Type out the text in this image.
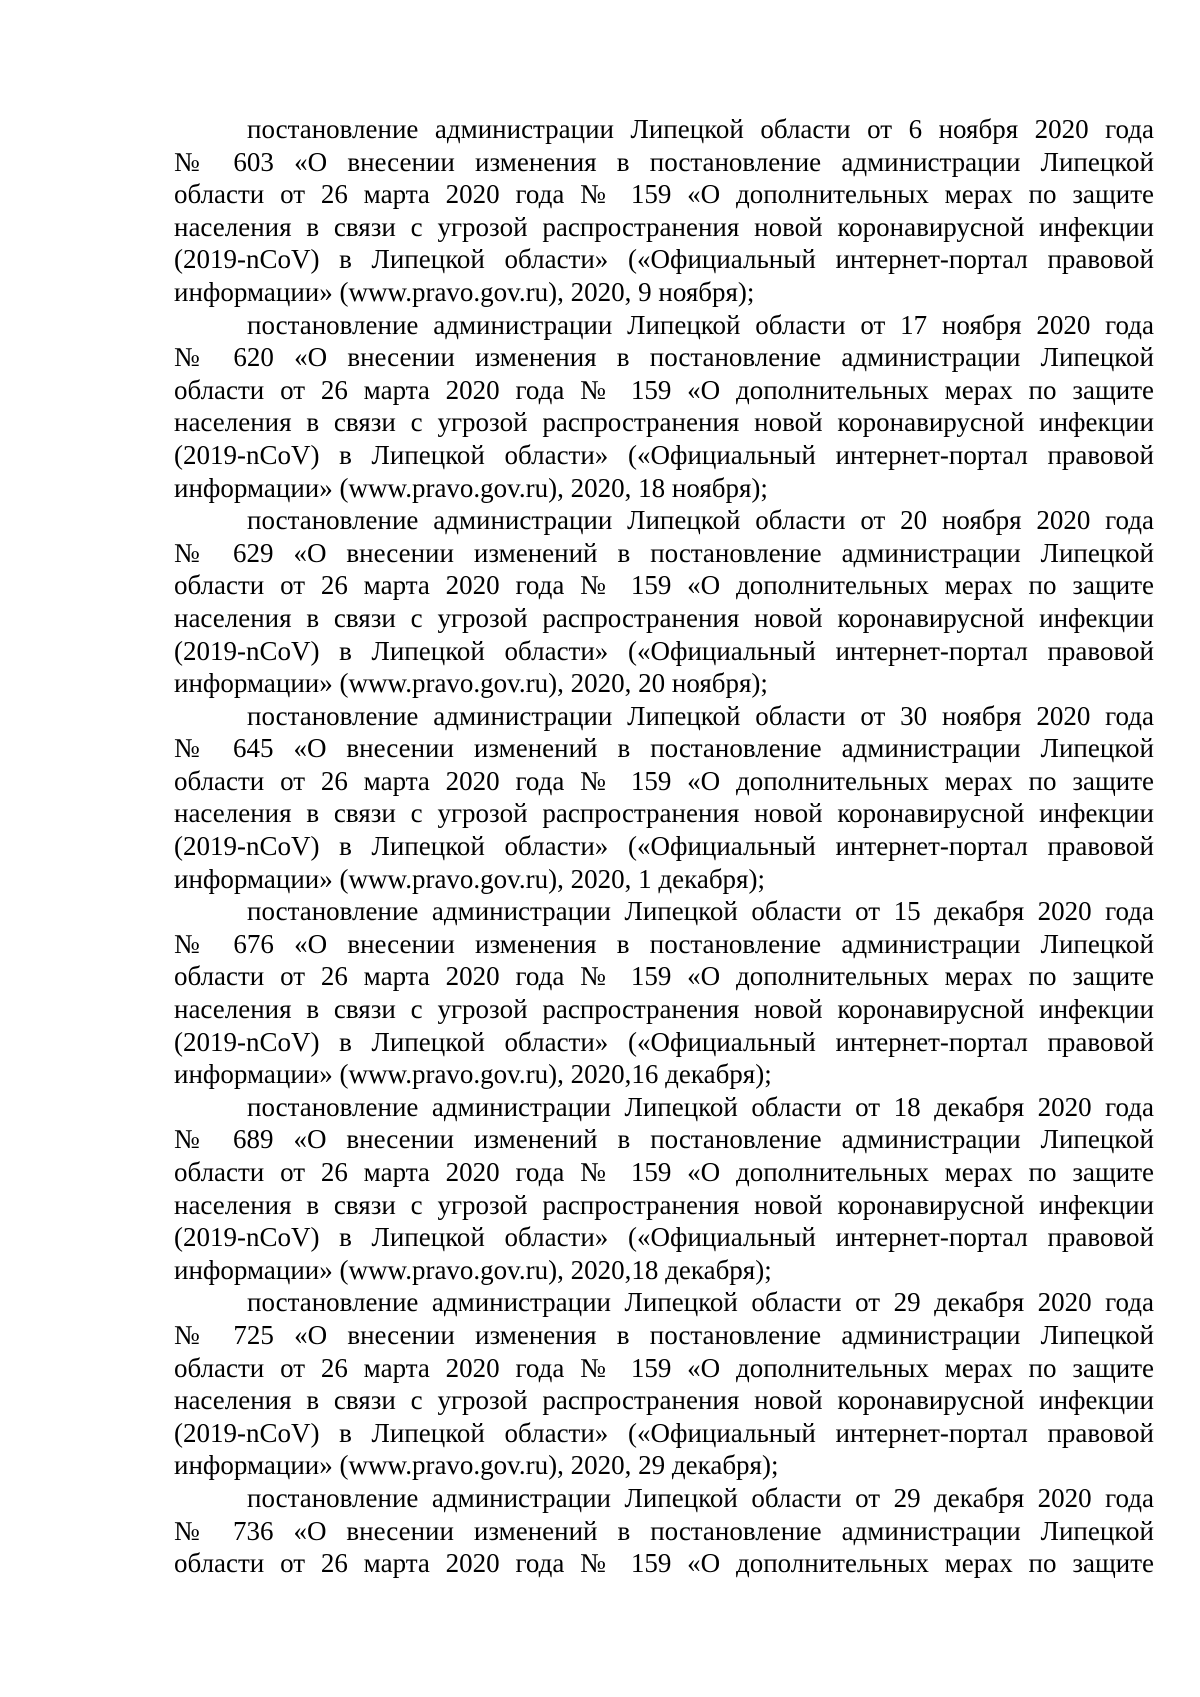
постановление администрации Липецкой области от 6 ноября 2020 года
№ 603 «О внесении изменения в постановление администрации Липецкой
области от 26 марта 2020 года № 159 «О дополнительных мерах по защите
населения в связи с угрозой распространения новой коронавирусной инфекции
(2019-nCoV) в Липецкой области» («Официальный интернет-портал правовой
информации» (www.pravo.gov.ru), 2020, 9 ноября);
постановление администрации Липецкой области от 17 ноября 2020 года
№ 620 «О внесении изменения в постановление администрации Липецкой
области от 26 марта 2020 года № 159 «О дополнительных мерах по защите
населения в связи с угрозой распространения новой коронавирусной инфекции
(2019-nCoV) в Липецкой области» («Официальный интернет-портал правовой
информации» (www.pravo.gov.ru), 2020, 18 ноября);
постановление администрации Липецкой области от 20 ноября 2020 года
№ 629 «О внесении изменений в постановление администрации Липецкой
области от 26 марта 2020 года № 159 «О дополнительных мерах по защите
населения в связи с угрозой распространения новой коронавирусной инфекции
(2019-nCoV) в Липецкой области» («Официальный интернет-портал правовой
информации» (www.pravo.gov.ru), 2020, 20 ноября);
постановление администрации Липецкой области от 30 ноября 2020 года
№ 645 «О внесении изменений в постановление администрации Липецкой
области от 26 марта 2020 года № 159 «О дополнительных мерах по защите
населения в связи с угрозой распространения новой коронавирусной инфекции
(2019-nCoV) в Липецкой области» («Официальный интернет-портал правовой
информации» (www.pravo.gov.ru), 2020, 1 декабря);
постановление администрации Липецкой области от 15 декабря 2020 года
№ 676 «О внесении изменения в постановление администрации Липецкой
области от 26 марта 2020 года № 159 «О дополнительных мерах по защите
населения в связи с угрозой распространения новой коронавирусной инфекции
(2019-nCoV) в Липецкой области» («Официальный интернет-портал правовой
информации» (www.pravo.gov.ru), 2020,16 декабря);
постановление администрации Липецкой области от 18 декабря 2020 года
№ 689 «О внесении изменений в постановление администрации Липецкой
области от 26 марта 2020 года № 159 «О дополнительных мерах по защите
населения в связи с угрозой распространения новой коронавирусной инфекции
(2019-nCoV) в Липецкой области» («Официальный интернет-портал правовой
информации» (www.pravo.gov.ru), 2020,18 декабря);
постановление администрации Липецкой области от 29 декабря 2020 года
№ 725 «О внесении изменения в постановление администрации Липецкой
области от 26 марта 2020 года № 159 «О дополнительных мерах по защите
населения в связи с угрозой распространения новой коронавирусной инфекции
(2019-nCoV) в Липецкой области» («Официальный интернет-портал правовой
информации» (www.pravo.gov.ru), 2020, 29 декабря);
постановление администрации Липецкой области от 29 декабря 2020 года
№ 736 «О внесении изменений в постановление администрации Липецкой
области от 26 марта 2020 года № 159 «О дополнительных мерах по защите
